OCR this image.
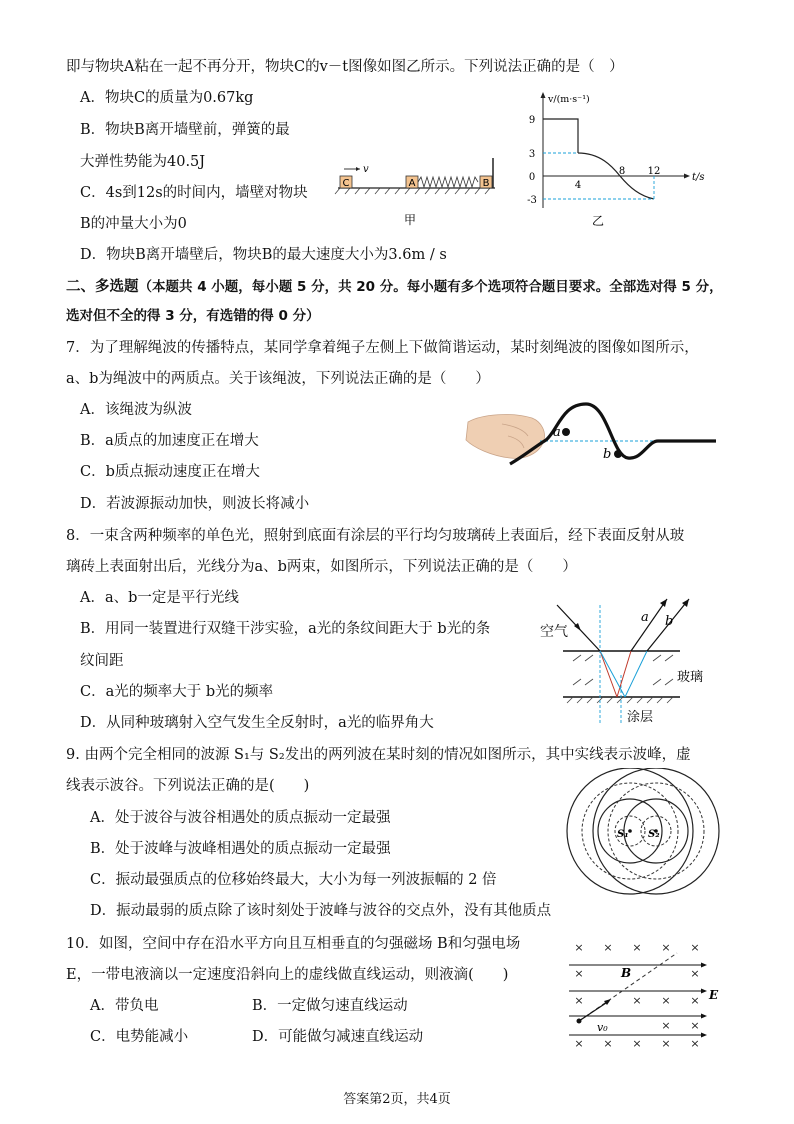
即与物块A粘在一起不再分开，物块C的v－t图像如图乙所示。下列说法正确的是（　）
A．物块C的质量为0.67kg
B．物块B离开墙壁前，弹簧的最
大弹性势能为40.5J
C．4s到12s的时间内，墙壁对物块
B的冲量大小为0
D．物块B离开墙壁后，物块B的最大速度大小为3.6m / s
C
v
A	B
甲
v/(m·s⁻¹)
t/s
9
3
0
-3
4
8 12
乙
二、多选题（本题共 4 小题，每小题 5 分，共 20 分。每小题有多个选项符合题目要求。全部选对得 5 分，
选对但不全的得 3 分，有选错的得 0 分）
7．为了理解绳波的传播特点，某同学拿着绳子左侧上下做简谐运动，某时刻绳波的图像如图所示，
a、b为绳波中的两质点。关于该绳波，下列说法正确的是（　　）
A．该绳波为纵波
B．a质点的加速度正在增大
C．b质点振动速度正在增大
D．若波源振动加快，则波长将减小
a
b
8．一束含两种频率的单色光，照射到底面有涂层的平行均匀玻璃砖上表面后，经下表面反射从玻
璃砖上表面射出后，光线分为a、b两束，如图所示，下列说法正确的是（　　）
A．a、b一定是平行光线
B．用同一装置进行双缝干涉实验，a光的条纹间距大于 b光的条
纹间距
C．a光的频率大于 b光的频率
D．从同种玻璃射入空气发生全反射时，a光的临界角大
空气
a b
玻璃
涂层
9. 由两个完全相同的波源 S₁与 S₂发出的两列波在某时刻的情况如图所示，其中实线表示波峰，虚
线表示波谷。下列说法正确的是(　　)
A．处于波谷与波谷相遇处的质点振动一定最强
B．处于波峰与波峰相遇处的质点振动一定最强
C．振动最强质点的位移始终最大，大小为每一列波振幅的 2 倍
D．振动最弱的质点除了该时刻处于波峰与波谷的交点外，没有其他质点
S₁ S₂
10．如图，空间中存在沿水平方向且互相垂直的匀强磁场 B和匀强电场
E，一带电液滴以一定速度沿斜向上的虚线做直线运动，则液滴(　　)
A．带负电	B．一定做匀速直线运动
C．电势能减小	D．可能做匀减速直线运动
× × × × ×
×	×
×	× × ×
× ×
× × × × ×
B
E
v₀
答案第2页，共4页
